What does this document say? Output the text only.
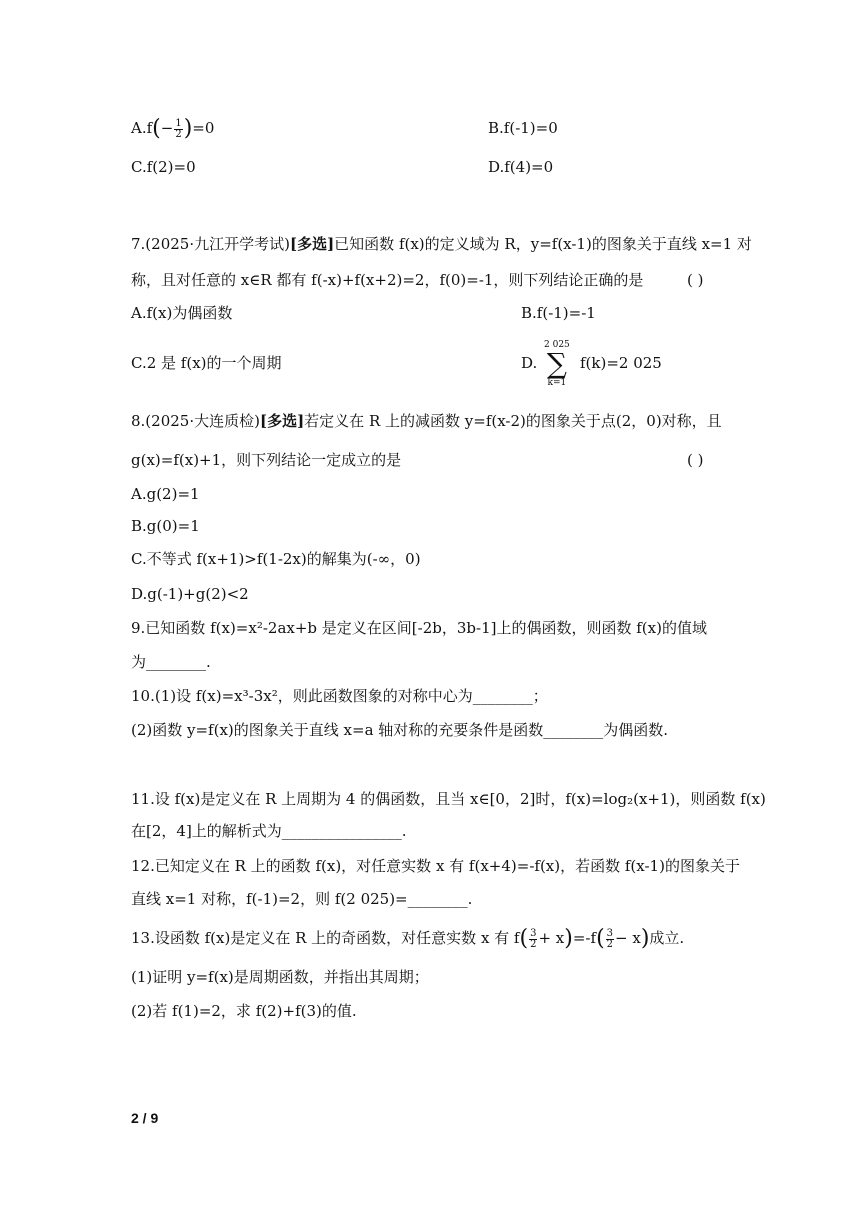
$A.f(- \frac{1}{2} )=0$	B.f(-1)=0
C.f(2)=0	D.f(4)=0
7.(2025·九江开学考试)[多选]已知函数 f(x)的定义域为 R，y=f(x-1)的图象关于直线 x=1 对
称，且对任意的 x∈R 都有 f(-x)+f(x+2)=2，f(0)=-1，则下列结论正确的是	( )
A.f(x)为偶函数	B.f(-1)=-1
C.2 是 f(x)的一个周期	D.
2 025
∑
k=1
f(k)=2 025
8.(2025·大连质检)[多选]若定义在 R 上的减函数 y=f(x-2)的图象关于点(2，0)对称，且
g(x)=f(x)+1，则下列结论一定成立的是	( )
A.g(2)=1
B.g(0)=1
C.不等式 f(x+1)>f(1-2x)的解集为(-∞，0)
D.g(-1)+g(2)<2
9.已知函数 f(x)=x²-2ax+b 是定义在区间[-2b，3b-1]上的偶函数，则函数 f(x)的值域
为________.
10.(1)设 f(x)=x³-3x²，则此函数图象的对称中心为________；
(2)函数 y=f(x)的图象关于直线 x=a 轴对称的充要条件是函数________为偶函数.
11.设 f(x)是定义在 R 上周期为 4 的偶函数，且当 x∈[0，2]时，f(x)=log₂(x+1)，则函数 f(x)
在[2，4]上的解析式为________________.
12.已知定义在 R 上的函数 f(x)，对任意实数 x 有 f(x+4)=-f(x)，若函数 f(x-1)的图象关于
直线 x=1 对称，f(-1)=2，则 f(2 025)=________.
13.设函数 f(x)是定义在 R 上的奇函数，对任意实数 x 有 $f( \frac{3}{2} + x)=-f( \frac{3}{2} - x)$成立.
(1)证明 y=f(x)是周期函数，并指出其周期；
(2)若 f(1)=2，求 f(2)+f(3)的值.
2 / 9
